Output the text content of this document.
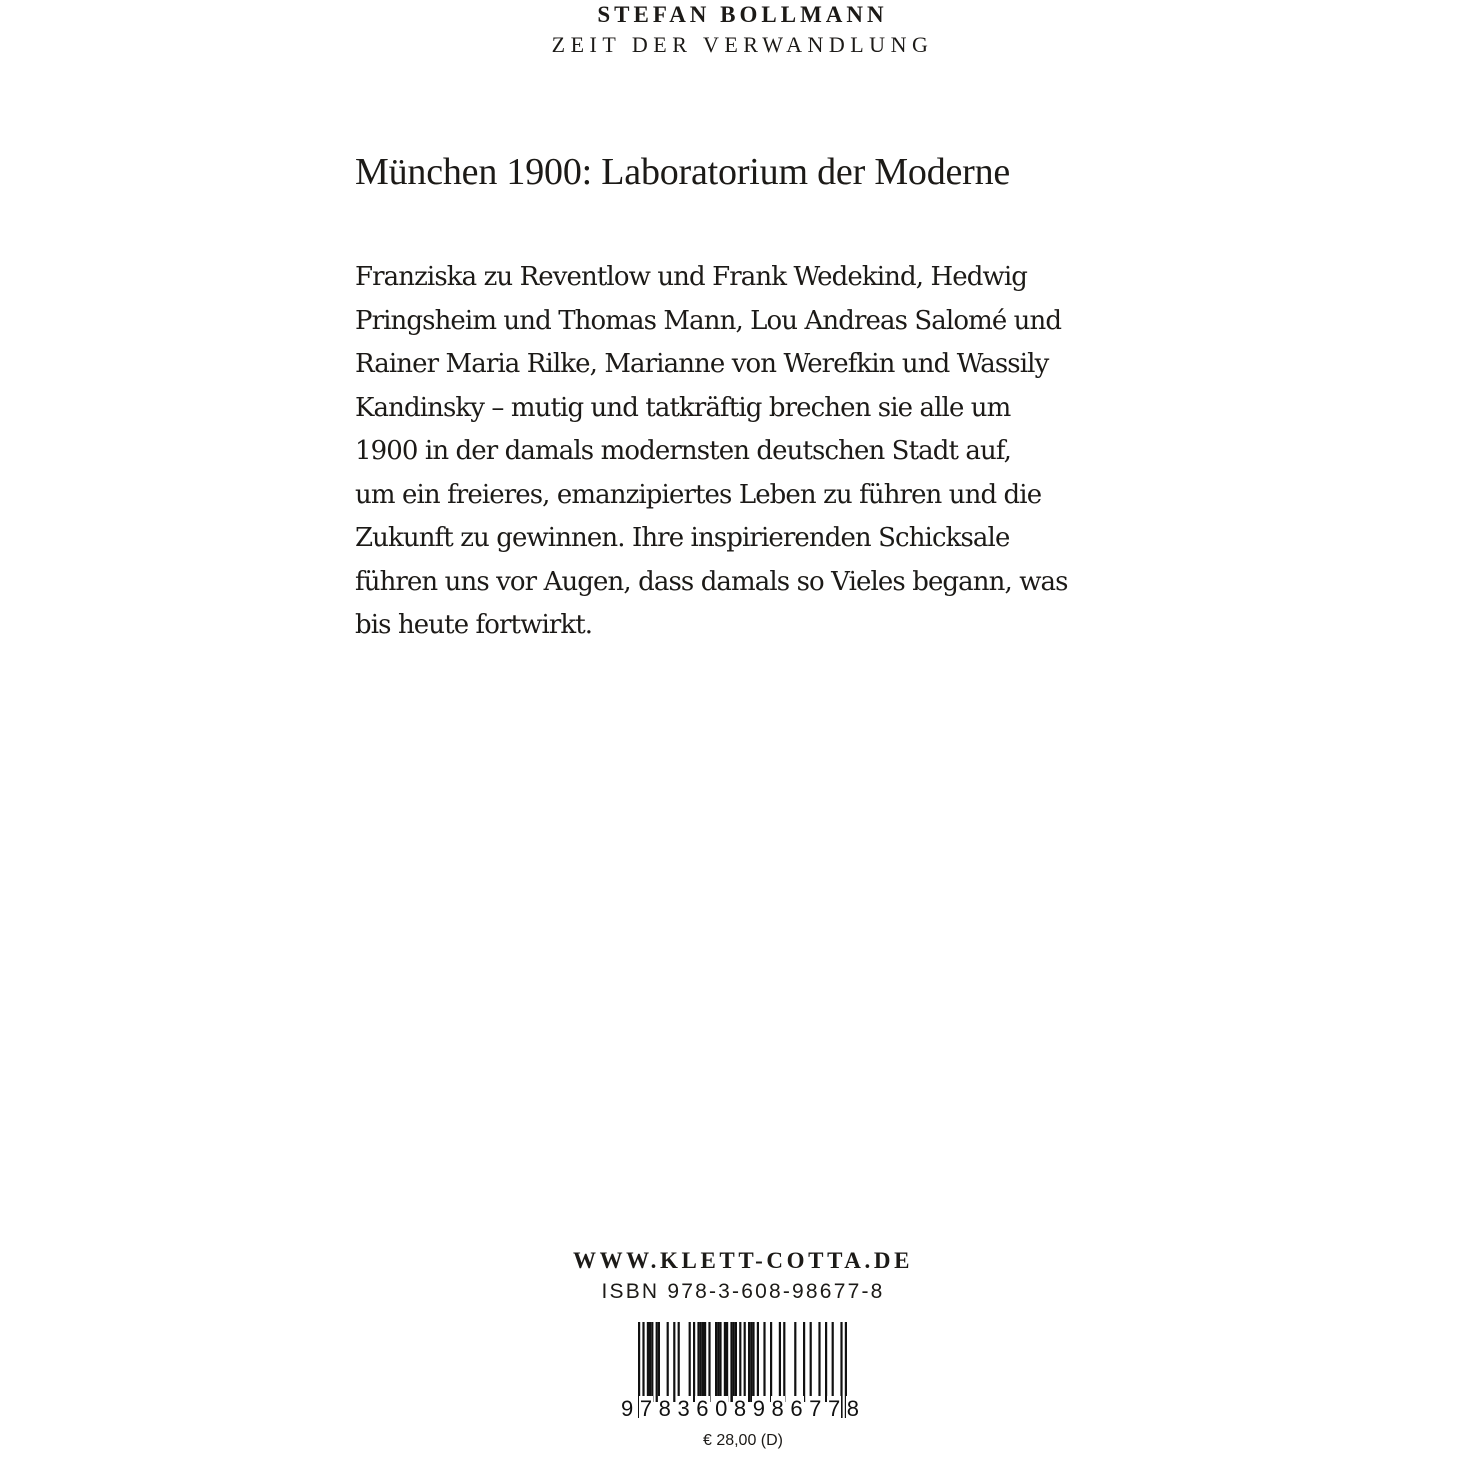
STEFAN BOLLMANN
ZEIT DER VERWANDLUNG
München 1900: Laboratorium der Moderne
Franziska zu Reventlow und Frank Wedekind, Hedwig
Pringsheim und Thomas Mann, Lou Andreas Salomé und
Rainer Maria Rilke, Marianne von Werefkin und Wassily
Kandinsky – mutig und tatkräftig brechen sie alle um
1900 in der damals modernsten deutschen Stadt auf,
um ein freieres, emanzipiertes Leben zu führen und die
Zukunft zu gewinnen. Ihre inspirierenden Schicksale
führen uns vor Augen, dass damals so Vieles begann, was
bis heute fortwirkt.
WWW.KLETT-COTTA.DE
ISBN 978-3-608-98677-8
9 7 8 3 6 0 8 9 8 6 7 7 8
€ 28,00 (D)
